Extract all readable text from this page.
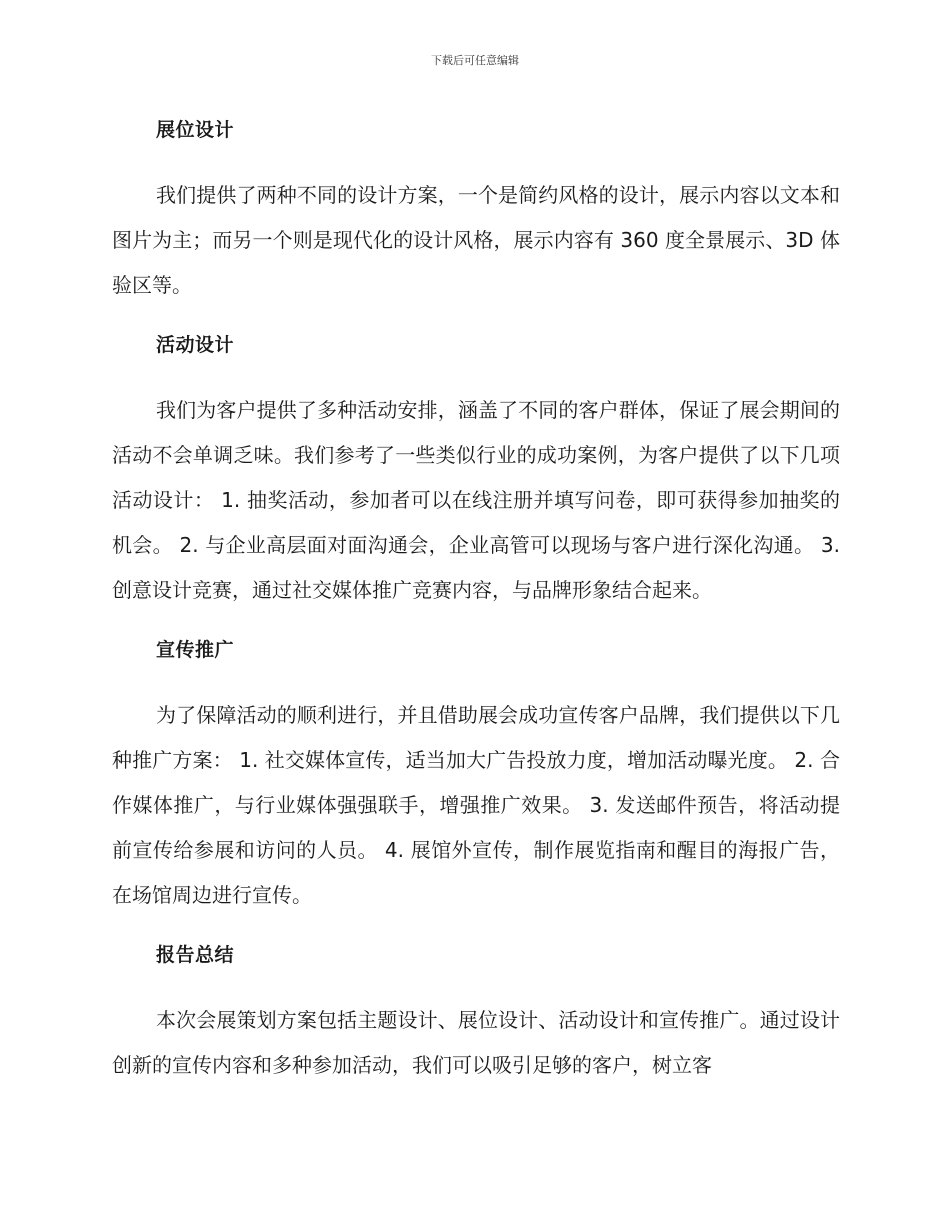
下载后可任意编辑
展位设计

我们提供了两种不同的设计方案，一个是简约风格的设计，展示内容以文本和图片为主；而另一个则是现代化的设计风格，展示内容有 360 度全景展示、3D 体验区等。

活动设计

我们为客户提供了多种活动安排，涵盖了不同的客户群体，保证了展会期间的活动不会单调乏味。我们参考了一些类似行业的成功案例，为客户提供了以下几项活动设计： 1. 抽奖活动，参加者可以在线注册并填写问卷，即可获得参加抽奖的机会。 2. 与企业高层面对面沟通会，企业高管可以现场与客户进行深化沟通。 3. 创意设计竞赛，通过社交媒体推广竞赛内容，与品牌形象结合起来。

宣传推广

为了保障活动的顺利进行，并且借助展会成功宣传客户品牌，我们提供以下几种推广方案： 1. 社交媒体宣传，适当加大广告投放力度，增加活动曝光度。 2. 合作媒体推广，与行业媒体强强联手，增强推广效果。 3. 发送邮件预告，将活动提前宣传给参展和访问的人员。 4. 展馆外宣传，制作展览指南和醒目的海报广告，在场馆周边进行宣传。

报告总结

本次会展策划方案包括主题设计、展位设计、活动设计和宣传推广。通过设计创新的宣传内容和多种参加活动，我们可以吸引足够的客户，树立客
